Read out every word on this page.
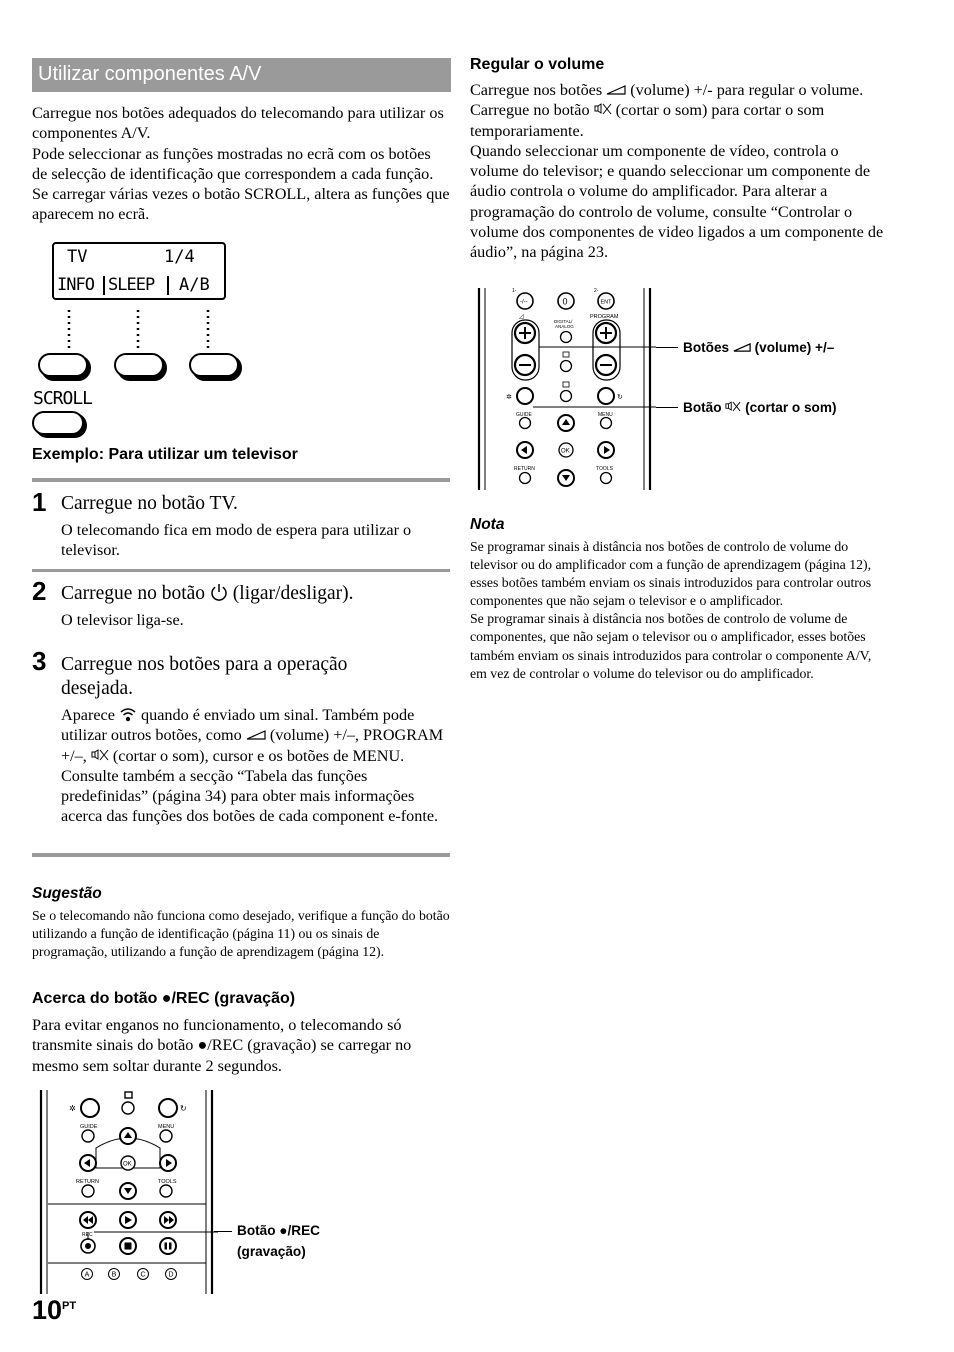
Utilizar componentes A/V

Carregue nos botões adequados do telecomando para utilizar os componentes A/V.

Pode seleccionar as funções mostradas no ecrã com os botões de selecção de identificação que correspondem a cada função. Se carregar várias vezes o botão SCROLL, altera as funções que aparecem no ecrã.

TV	1/4
INFO SLEEP A/B
SCROLL
Exemplo: Para utilizar um televisor
1 Carregue no botão TV.
O telecomando fica em modo de espera para utilizar o televisor.
2 Carregue no botão (ligar/desligar).
O televisor liga-se.
3 Carregue nos botões para a operação desejada.
Aparece quando é enviado um sinal. Também pode utilizar outros botões, como (volume) +/–, PROGRAM +/–, (cortar o som), cursor e os botões de MENU. Consulte também a secção “Tabela das funções predefinidas” (página 34) para obter mais informações acerca das funções dos botões de cada component e-fonte.
Sugestão
Se o telecomando não funciona como desejado, verifique a função do botão utilizando a função de identificação (página 11) ou os sinais de programação, utilizando a função de aprendizagem (página 12).
Acerca do botão ●/REC (gravação)
Para evitar enganos no funcionamento, o telecomando só transmite sinais do botão ●/REC (gravação) se carregar no mesmo sem soltar durante 2 segundos.
✲	↻
GUIDE	MENU
OK
RETURN	TOOLS
REC
A	B	C	D
Botão ●/REC
(gravação)
$10^{PT}$
Regular o volume

Carregue nos botões (volume) +/- para regular o volume. Carregue no botão (cortar o som) para cortar o som temporariamente.

Quando seleccionar um componente de vídeo, controla o volume do televisor; e quando seleccionar um componente de áudio controla o volume do amplificador. Para alterar a programação do controlo de volume, consulte “Controlar o volume dos componentes de video ligados a um componente de áudio”, na página 23.

1-	2-
-/--	0	ENT
◿
DIGITAL/
ANALOG
PROGRAM
✲	↻
GUIDE	MENU
OK
RETURN	TOOLS
Botões (volume) +/–
Botão (cortar o som)
Nota

Se programar sinais à distância nos botões de controlo de volume do televisor ou do amplificador com a função de aprendizagem (página 12), esses botões também enviam os sinais introduzidos para controlar outros componentes que não sejam o televisor e o amplificador.

Se programar sinais à distância nos botões de controlo de volume de componentes, que não sejam o televisor ou o amplificador, esses botões também enviam os sinais introduzidos para controlar o componente A/V, em vez de controlar o volume do televisor ou do amplificador.
